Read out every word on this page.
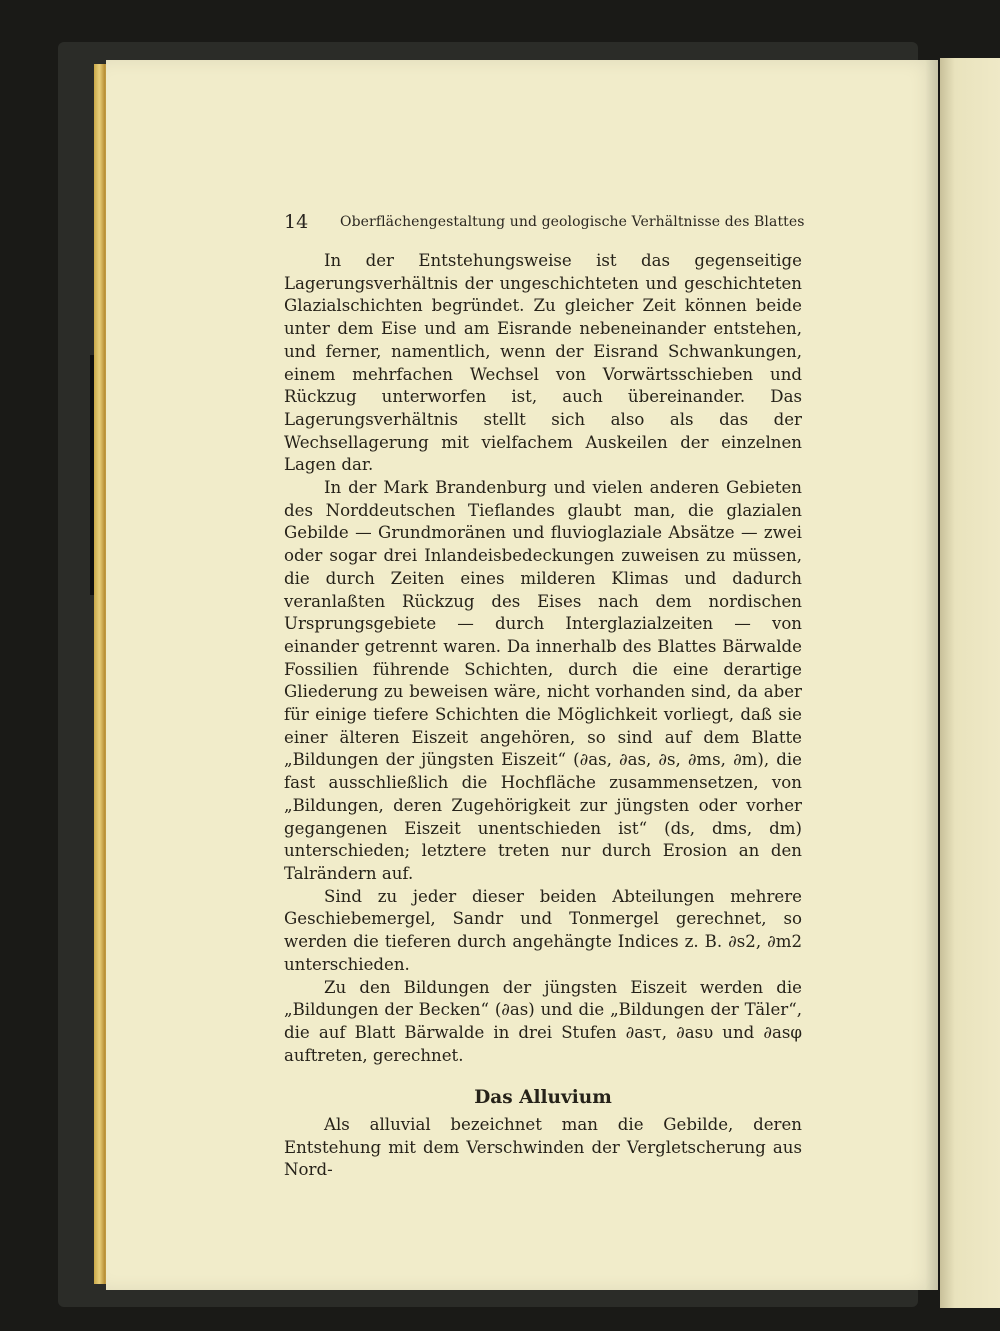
14 Oberflächengestaltung und geologische Verhältnisse des Blattes

In der Entstehungsweise ist das gegenseitige Lagerungsverhältnis der ungeschichteten und geschichteten Glazialschichten begründet. Zu gleicher Zeit können beide unter dem Eise und am Eisrande nebeneinander entstehen, und ferner, namentlich, wenn der Eisrand Schwankungen, einem mehrfachen Wechsel von Vorwärtsschieben und Rückzug unterworfen ist, auch übereinander. Das Lagerungsverhältnis stellt sich also als das der Wechsellagerung mit vielfachem Auskeilen der einzelnen Lagen dar.

In der Mark Brandenburg und vielen anderen Gebieten des Norddeutschen Tieflandes glaubt man, die glazialen Gebilde — Grundmoränen und fluvioglaziale Absätze — zwei oder sogar drei Inlandeisbedeckungen zuweisen zu müssen, die durch Zeiten eines milderen Klimas und dadurch veranlaßten Rückzug des Eises nach dem nordischen Ursprungsgebiete — durch Interglazialzeiten — von einander getrennt waren. Da innerhalb des Blattes Bärwalde Fossilien führende Schichten, durch die eine derartige Gliederung zu beweisen wäre, nicht vorhanden sind, da aber für einige tiefere Schichten die Möglichkeit vorliegt, daß sie einer älteren Eiszeit angehören, so sind auf dem Blatte „Bildungen der jüngsten Eiszeit“ (∂as, ∂as, ∂s, ∂ms, ∂m), die fast ausschließlich die Hochfläche zusammensetzen, von „Bildungen, deren Zugehörigkeit zur jüngsten oder vorher gegangenen Eiszeit unentschieden ist“ (ds, dms, dm) unterschieden; letztere treten nur durch Erosion an den Talrändern auf.

Sind zu jeder dieser beiden Abteilungen mehrere Geschiebemergel, Sandr und Tonmergel gerechnet, so werden die tieferen durch angehängte Indices z. B. ∂s2, ∂m2 unterschieden.

Zu den Bildungen der jüngsten Eiszeit werden die „Bildungen der Becken“ (∂as) und die „Bildungen der Täler“, die auf Blatt Bärwalde in drei Stufen ∂asτ, ∂asυ und ∂asφ auftreten, gerechnet.

Das Alluvium

Als alluvial bezeichnet man die Gebilde, deren Entstehung mit dem Verschwinden der Vergletscherung aus Nord-
